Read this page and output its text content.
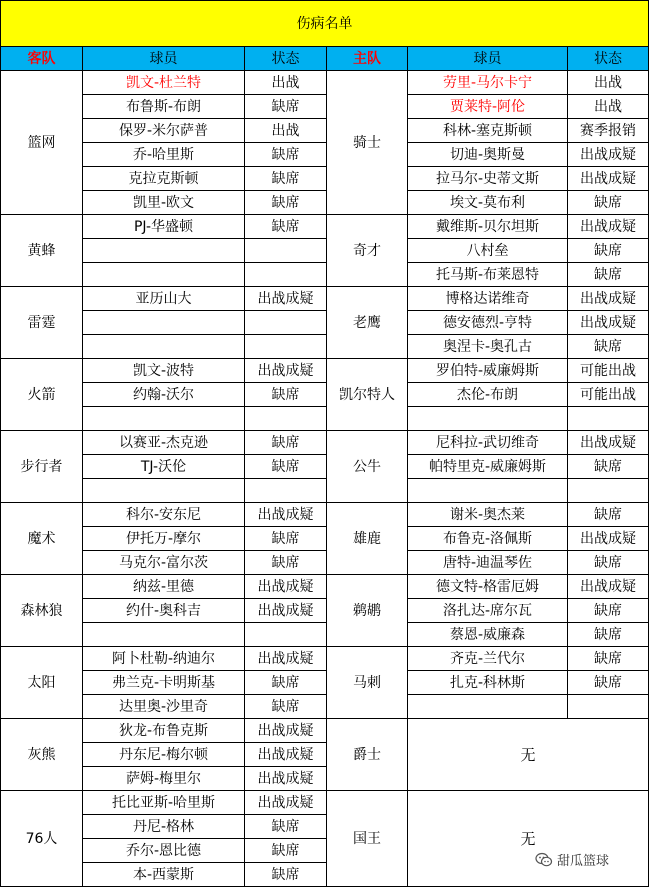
伤病名单					
客队	球员	状态	主队	球员	状态
篮网	凯文-杜兰特	出战	骑士	劳里-马尔卡宁	出战
	布鲁斯-布朗	缺席		贾莱特-阿伦	出战
	保罗-米尔萨普	出战		科林-塞克斯顿	赛季报销
	乔-哈里斯	缺席		切迪-奥斯曼	出战成疑
	克拉克斯顿	缺席		拉马尔-史蒂文斯	出战成疑
	凯里-欧文	缺席		埃文-莫布利	缺席
黄蜂	PJ-华盛顿	缺席	奇才	戴维斯-贝尔坦斯	出战成疑
				八村垒	缺席
				托马斯-布莱恩特	缺席
雷霆	亚历山大	出战成疑	老鹰	博格达诺维奇	出战成疑
				德安德烈-亨特	出战成疑
				奥涅卡-奥孔古	缺席
火箭	凯文-波特	出战成疑	凯尔特人	罗伯特-威廉姆斯	可能出战
	约翰-沃尔	缺席		杰伦-布朗	可能出战

步行者	以赛亚-杰克逊	缺席	公牛	尼科拉-武切维奇	出战成疑
	TJ-沃伦	缺席		帕特里克-威廉姆斯	缺席

魔术	科尔-安东尼	出战成疑	雄鹿	谢米-奥杰莱	缺席
	伊托万-摩尔	缺席		布鲁克-洛佩斯	出战成疑
	马克尔-富尔茨	缺席		唐特-迪温琴佐	缺席
森林狼	纳兹-里德	出战成疑	鹈鹕	德文特-格雷厄姆	出战成疑
	约什-奥科吉	出战成疑		洛扎达-席尔瓦	缺席
				蔡恩-威廉森	缺席
太阳	阿卜杜勒-纳迪尔	出战成疑	马刺	齐克-兰代尔	缺席
	弗兰克-卡明斯基	缺席		扎克-科林斯	缺席
	达里奥-沙里奇	缺席			
灰熊	狄龙-布鲁克斯	出战成疑	爵士	无	
	丹东尼-梅尔顿	出战成疑			
	萨姆-梅里尔	出战成疑			
76人	托比亚斯-哈里斯	出战成疑	国王	无	
	丹尼-格林	缺席			
	乔尔-恩比德	缺席			
	本-西蒙斯	缺席			
甜瓜篮球
